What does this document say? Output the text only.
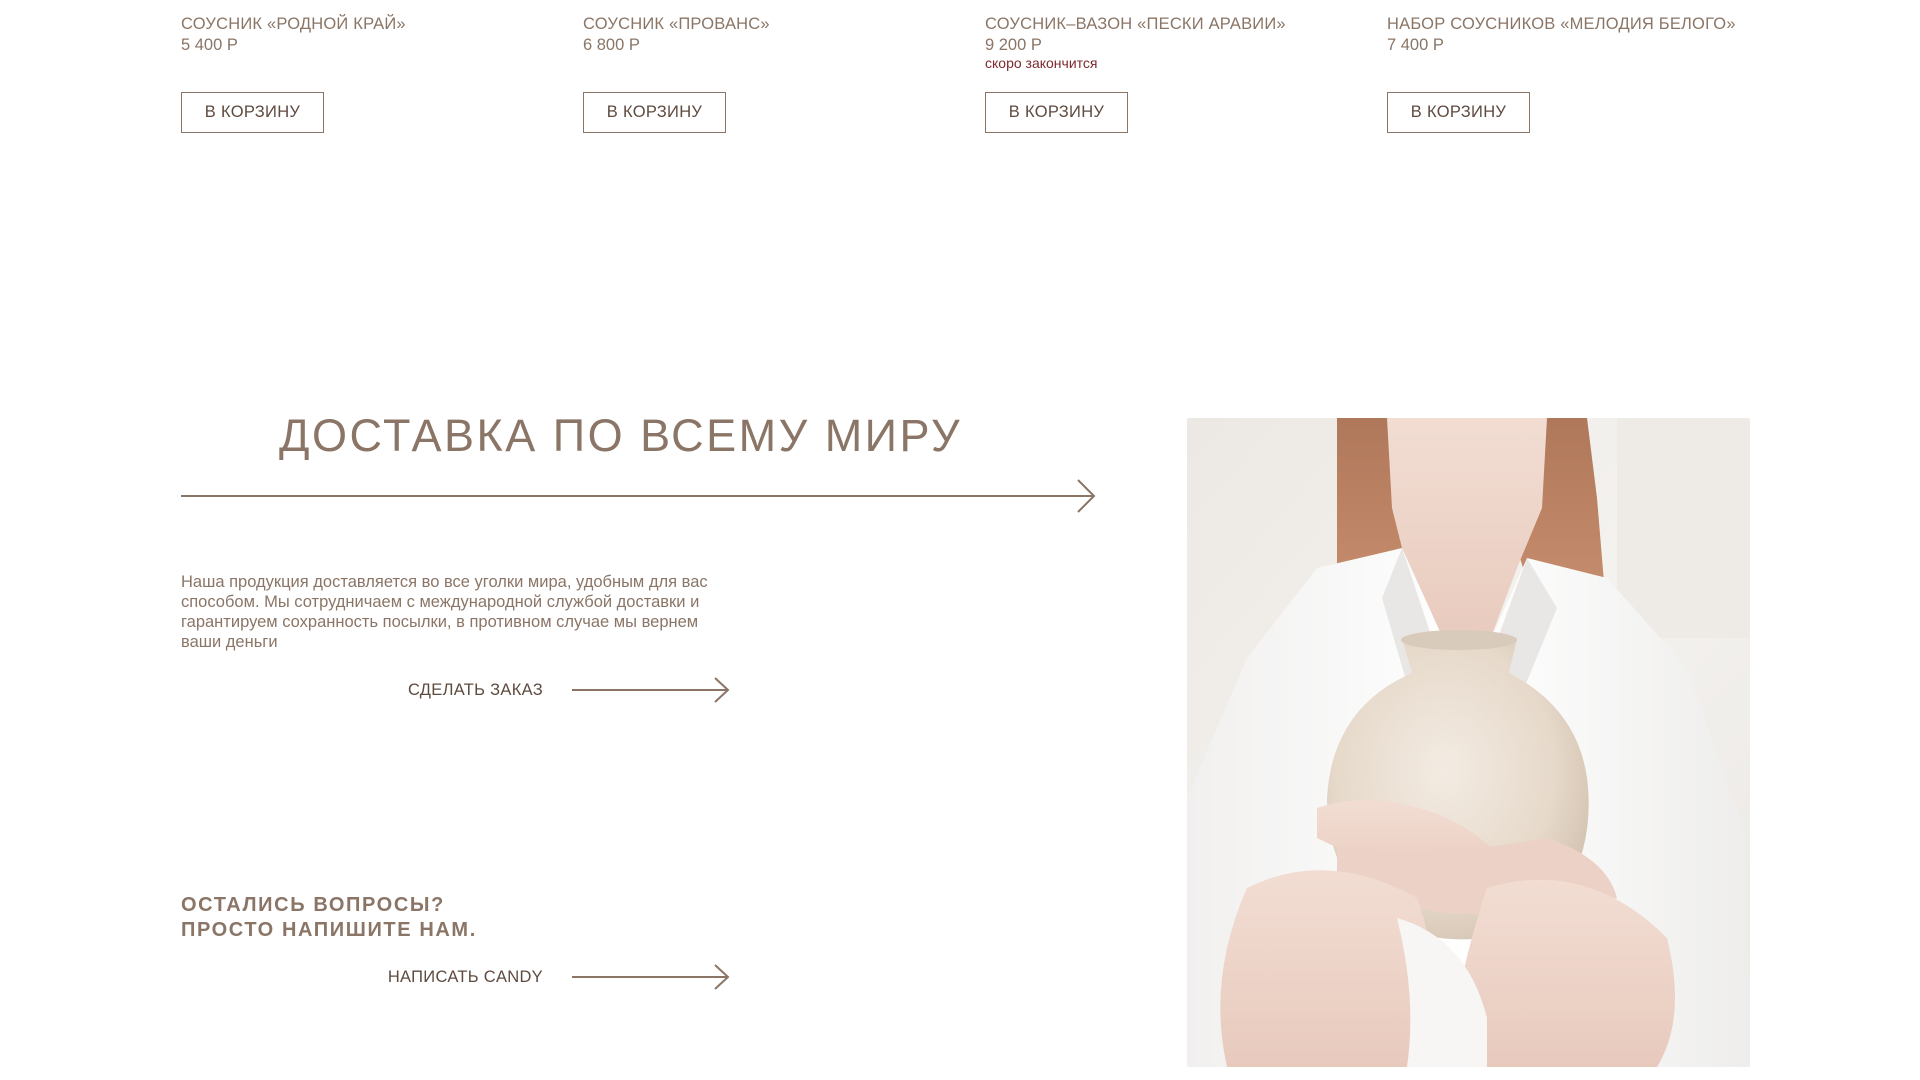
СОУСНИК «РОДНОЙ КРАЙ»
5 400 Р
В КОРЗИНУ
СОУСНИК «ПРОВАНС»
6 800 Р
В КОРЗИНУ
СОУСНИК–ВАЗОН «ПЕСКИ АРАВИИ»
9 200 Р
скоро закончится
В КОРЗИНУ
НАБОР СОУСНИКОВ «МЕЛОДИЯ БЕЛОГО»
7 400 Р
В КОРЗИНУ
ДОСТАВКА ПО ВСЕМУ МИРУ

Наша продукция доставляется во все уголки мира, удобным для вас способом. Мы сотрудничаем с международной службой доставки и гарантируем сохранность посылки, в противном случае мы вернем ваши деньги

СДЕЛАТЬ ЗАКАЗ
ОСТАЛИСЬ ВОПРОСЫ?
ПРОСТО НАПИШИТЕ НАМ.
НАПИСАТЬ CANDY
